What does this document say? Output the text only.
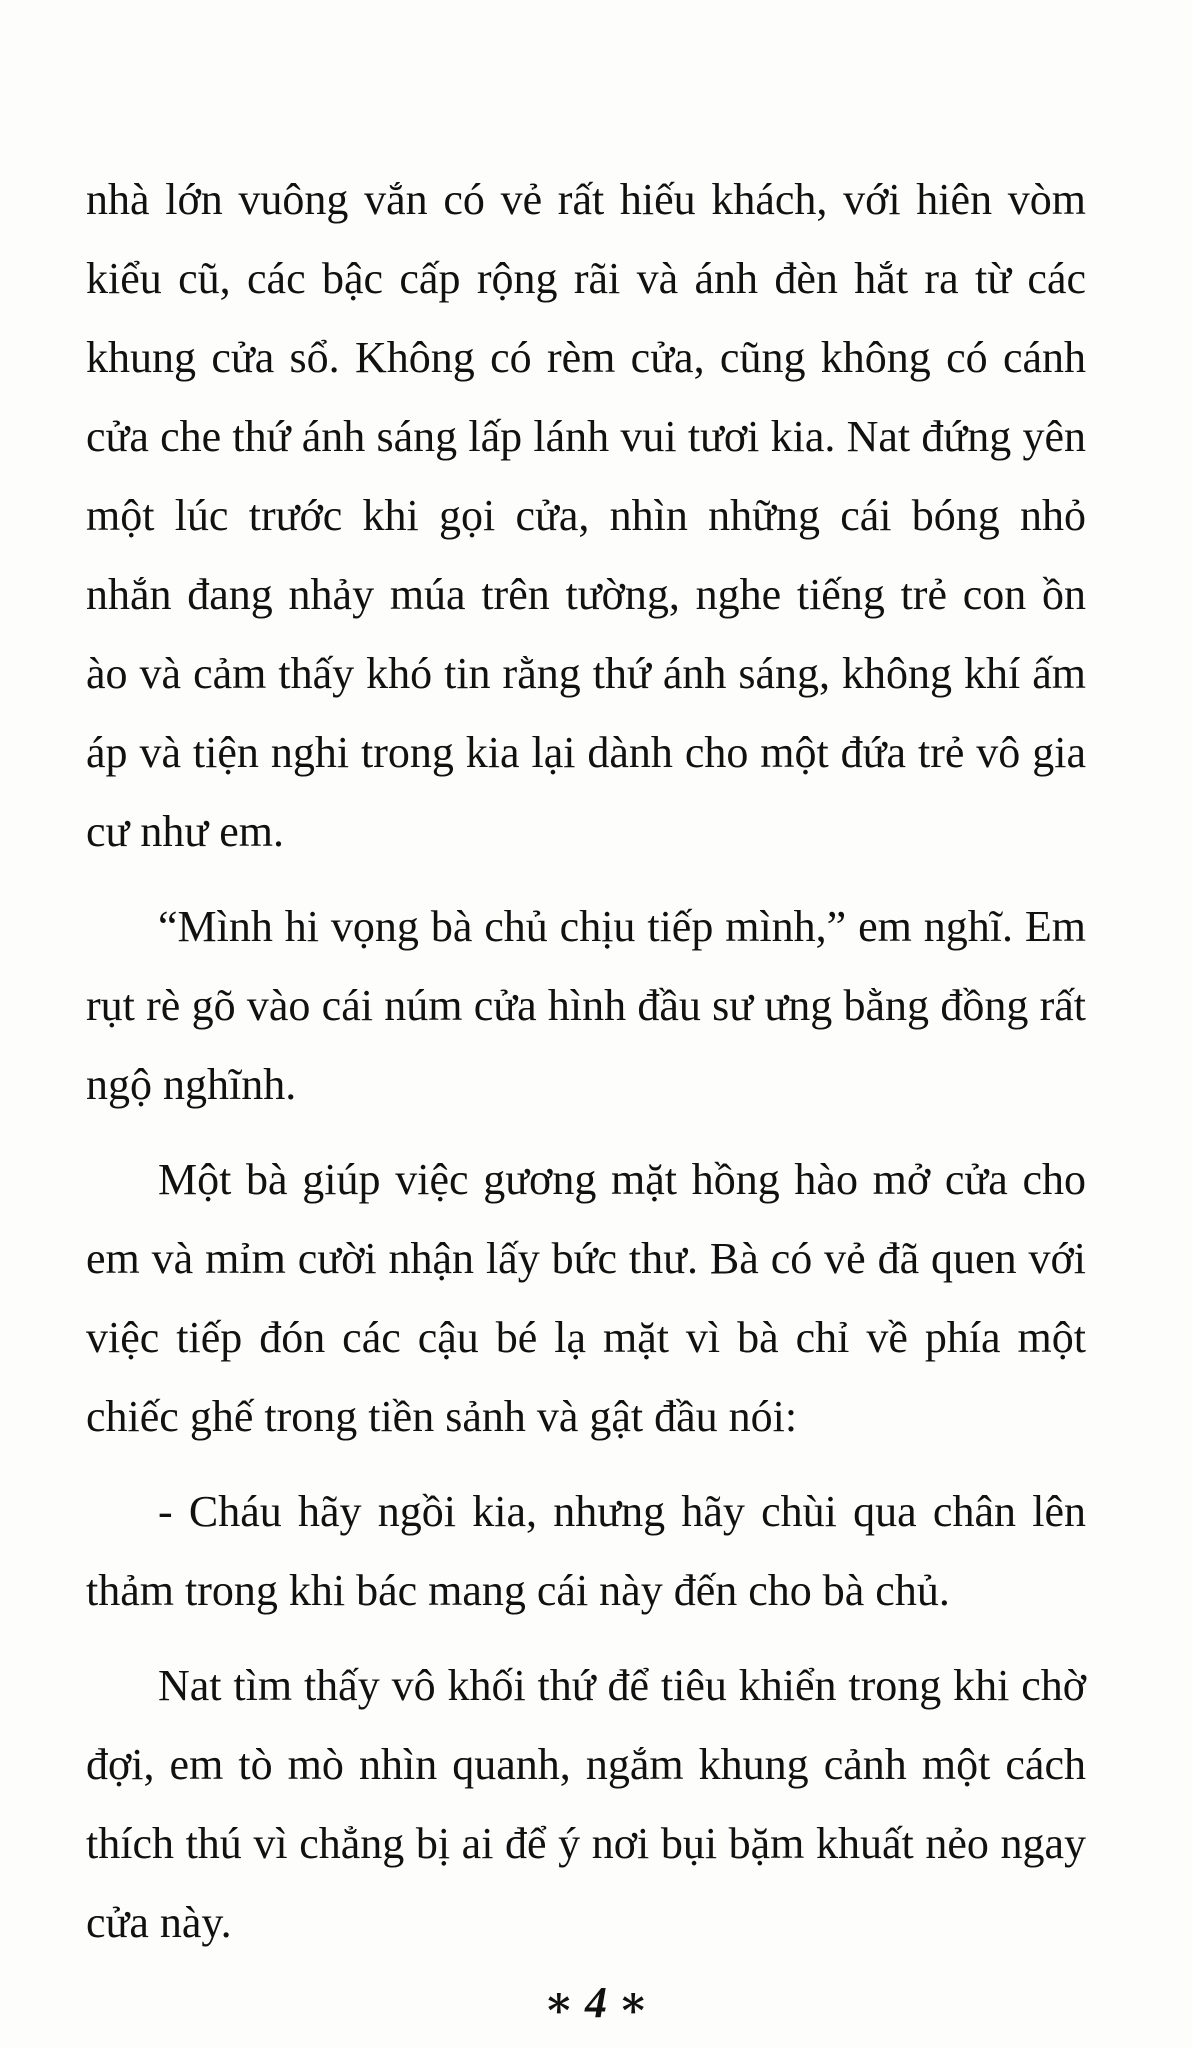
nhà lớn vuông vắn có vẻ rất hiếu khách, với hiên vòm kiểu cũ, các bậc cấp rộng rãi và ánh đèn hắt ra từ các khung cửa sổ. Không có rèm cửa, cũng không có cánh cửa che thứ ánh sáng lấp lánh vui tươi kia. Nat đứng yên một lúc trước khi gọi cửa, nhìn những cái bóng nhỏ nhắn đang nhảy múa trên tường, nghe tiếng trẻ con ồn ào và cảm thấy khó tin rằng thứ ánh sáng, không khí ấm áp và tiện nghi trong kia lại dành cho một đứa trẻ vô gia cư như em.

“Mình hi vọng bà chủ chịu tiếp mình,” em nghĩ. Em rụt rè gõ vào cái núm cửa hình đầu sư ưng bằng đồng rất ngộ nghĩnh.

Một bà giúp việc gương mặt hồng hào mở cửa cho em và mỉm cười nhận lấy bức thư. Bà có vẻ đã quen với việc tiếp đón các cậu bé lạ mặt vì bà chỉ về phía một chiếc ghế trong tiền sảnh và gật đầu nói:

- Cháu hãy ngồi kia, nhưng hãy chùi qua chân lên thảm trong khi bác mang cái này đến cho bà chủ.

Nat tìm thấy vô khối thứ để tiêu khiển trong khi chờ đợi, em tò mò nhìn quanh, ngắm khung cảnh một cách thích thú vì chẳng bị ai để ý nơi bụi bặm khuất nẻo ngay cửa này.

∗ 4 ∗
